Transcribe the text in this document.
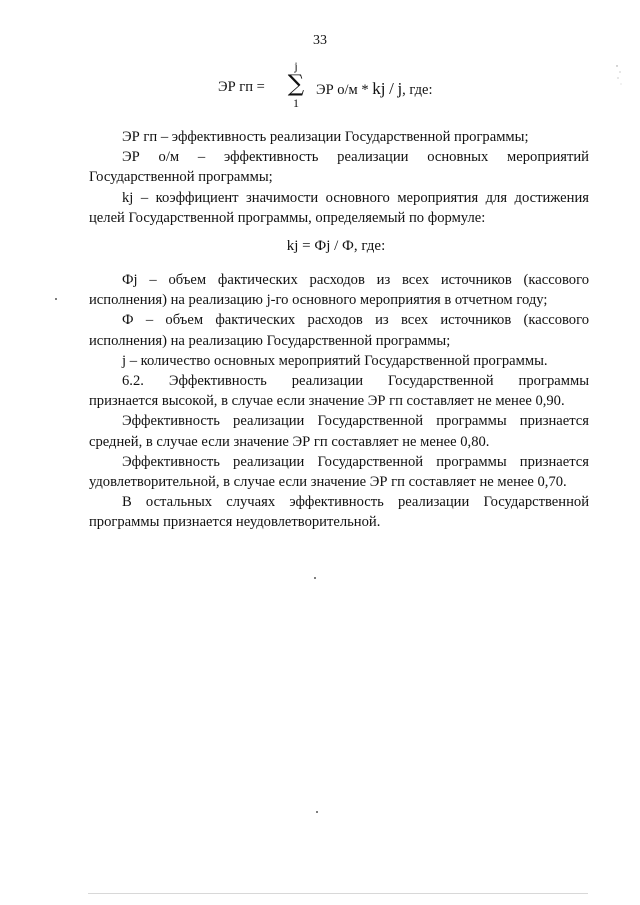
33
ЭР гп =
j
∑
1
ЭР о/м * kj / j, где:

ЭР гп – эффективность реализации Государственной программы;

ЭР о/м – эффективность реализации основных мероприятий

Государственной программы;

kj – коэффициент значимости основного мероприятия для достижения

целей Государственной программы, определяемый по формуле:

kj = Фj / Ф, где:

Фj – объем фактических расходов из всех источников (кассового

исполнения) на реализацию j-го основного мероприятия в отчетном году;

Ф – объем фактических расходов из всех источников (кассового

исполнения) на реализацию Государственной программы;

j – количество основных мероприятий Государственной программы.

6.2. Эффективность реализации Государственной программы

признается высокой, в случае если значение ЭР гп составляет не менее 0,90.

Эффективность реализации Государственной программы признается

средней, в случае если значение ЭР гп составляет не менее 0,80.

Эффективность реализации Государственной программы признается

удовлетворительной, в случае если значение ЭР гп составляет не менее 0,70.

В остальных случаях эффективность реализации Государственной

программы признается неудовлетворительной.
